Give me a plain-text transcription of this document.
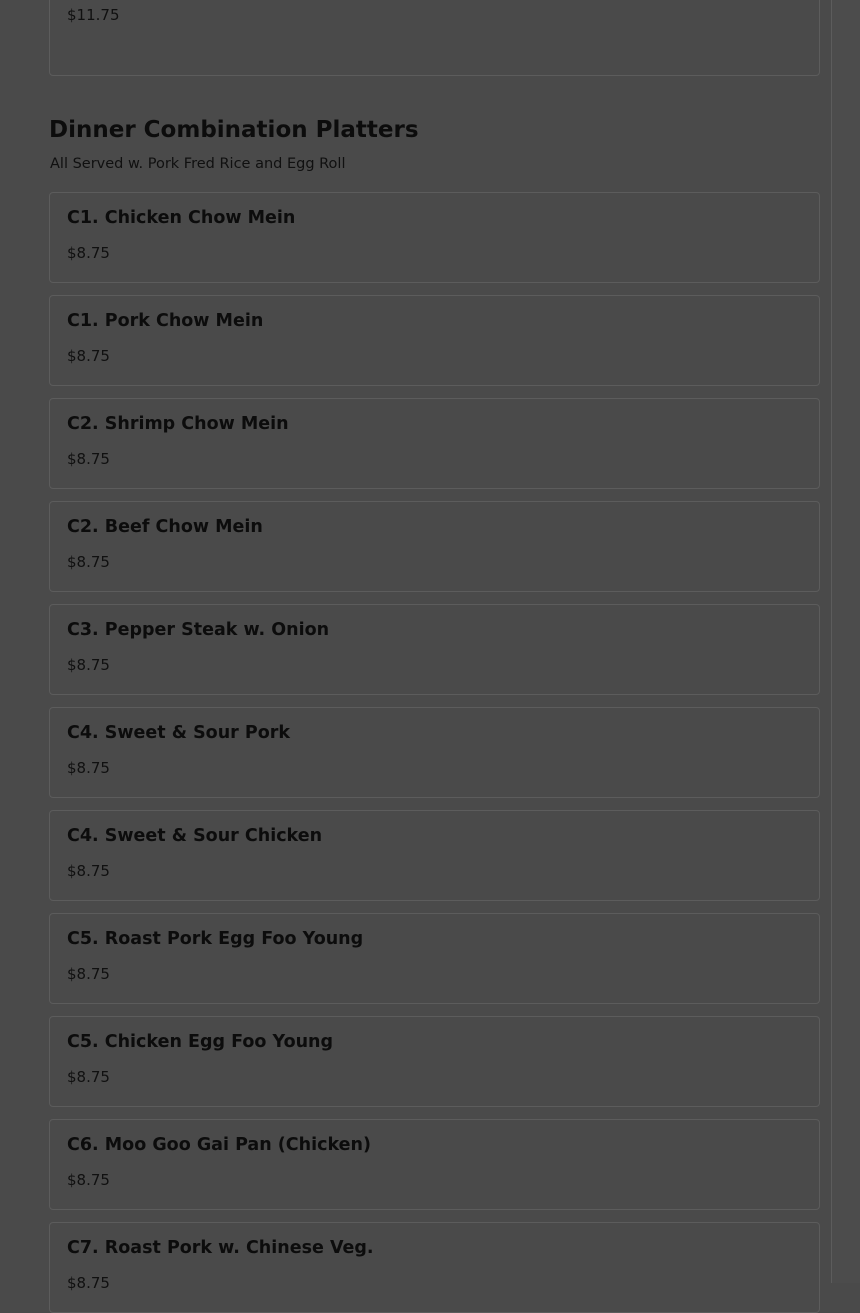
$11.75
Dinner Combination Platters
All Served w. Pork Fred Rice and Egg Roll
C1. Chicken Chow Mein
$8.75
C1. Pork Chow Mein
$8.75
C2. Shrimp Chow Mein
$8.75
C2. Beef Chow Mein
$8.75
C3. Pepper Steak w. Onion
$8.75
C4. Sweet & Sour Pork
$8.75
C4. Sweet & Sour Chicken
$8.75
C5. Roast Pork Egg Foo Young
$8.75
C5. Chicken Egg Foo Young
$8.75
C6. Moo Goo Gai Pan (Chicken)
$8.75
C7. Roast Pork w. Chinese Veg.
$8.75
